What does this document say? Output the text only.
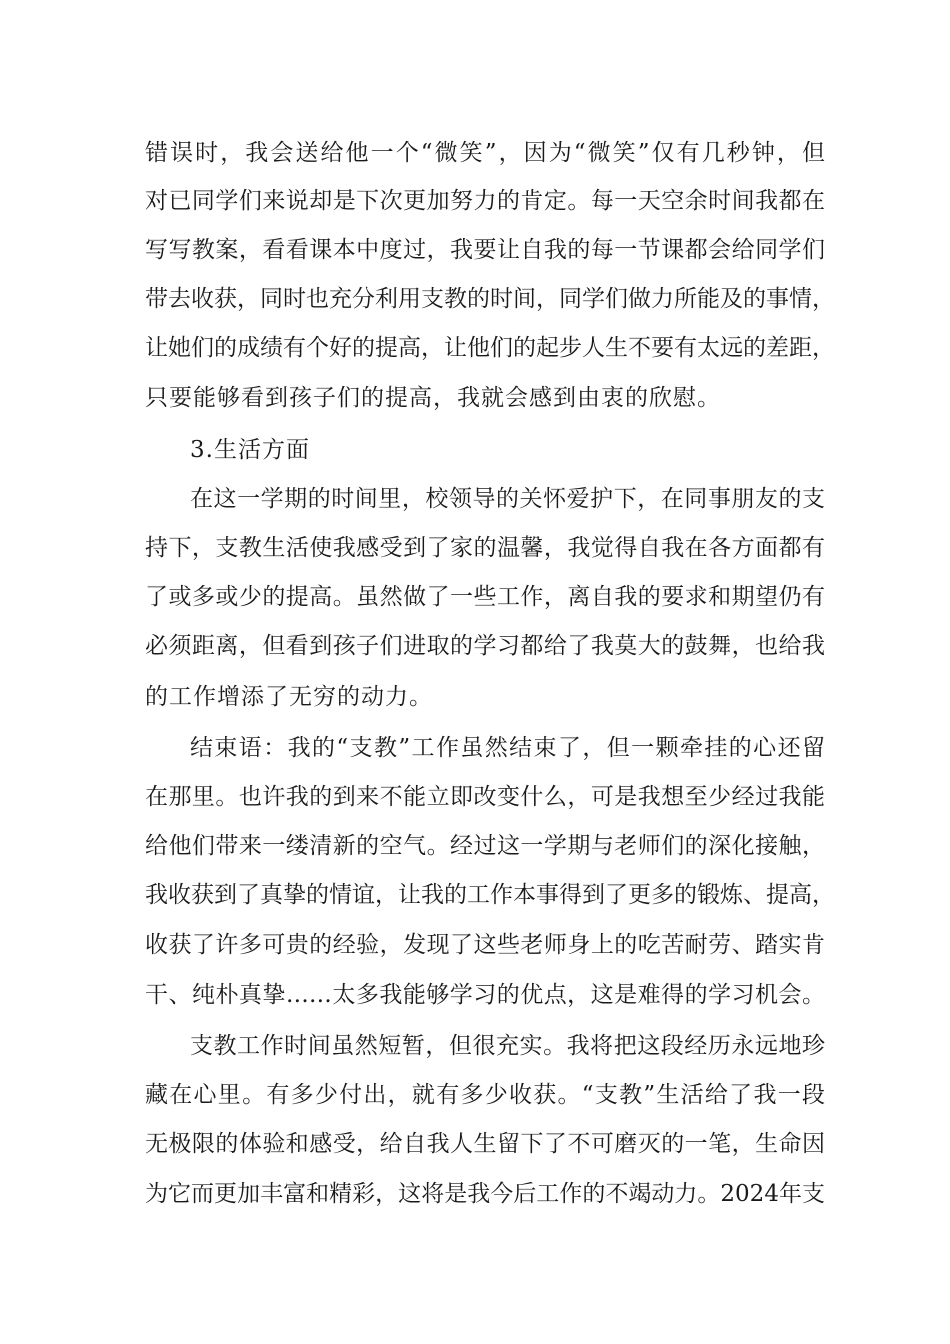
错误时，我会送给他一个“微笑”，因为“微笑”仅有几秒钟，但
对已同学们来说却是下次更加努力的肯定。每一天空余时间我都在
写写教案，看看课本中度过，我要让自我的每一节课都会给同学们
带去收获，同时也充分利用支教的时间，同学们做力所能及的事情，
让她们的成绩有个好的提高，让他们的起步人生不要有太远的差距，
只要能够看到孩子们的提高，我就会感到由衷的欣慰。
3.生活方面
在这一学期的时间里，校领导的关怀爱护下，在同事朋友的支
持下，支教生活使我感受到了家的温馨，我觉得自我在各方面都有
了或多或少的提高。虽然做了一些工作，离自我的要求和期望仍有
必须距离，但看到孩子们进取的学习都给了我莫大的鼓舞，也给我
的工作增添了无穷的动力。
结束语：我的“支教”工作虽然结束了，但一颗牵挂的心还留
在那里。也许我的到来不能立即改变什么，可是我想至少经过我能
给他们带来一缕清新的空气。经过这一学期与老师们的深化接触，
我收获到了真挚的情谊，让我的工作本事得到了更多的锻炼、提高，
收获了许多可贵的经验，发现了这些老师身上的吃苦耐劳、踏实肯
干、纯朴真挚……太多我能够学习的优点，这是难得的学习机会。
支教工作时间虽然短暂，但很充实。我将把这段经历永远地珍
藏在心里。有多少付出，就有多少收获。“支教”生活给了我一段
无极限的体验和感受，给自我人生留下了不可磨灭的一笔，生命因
为它而更加丰富和精彩，这将是我今后工作的不竭动力。2024年支
